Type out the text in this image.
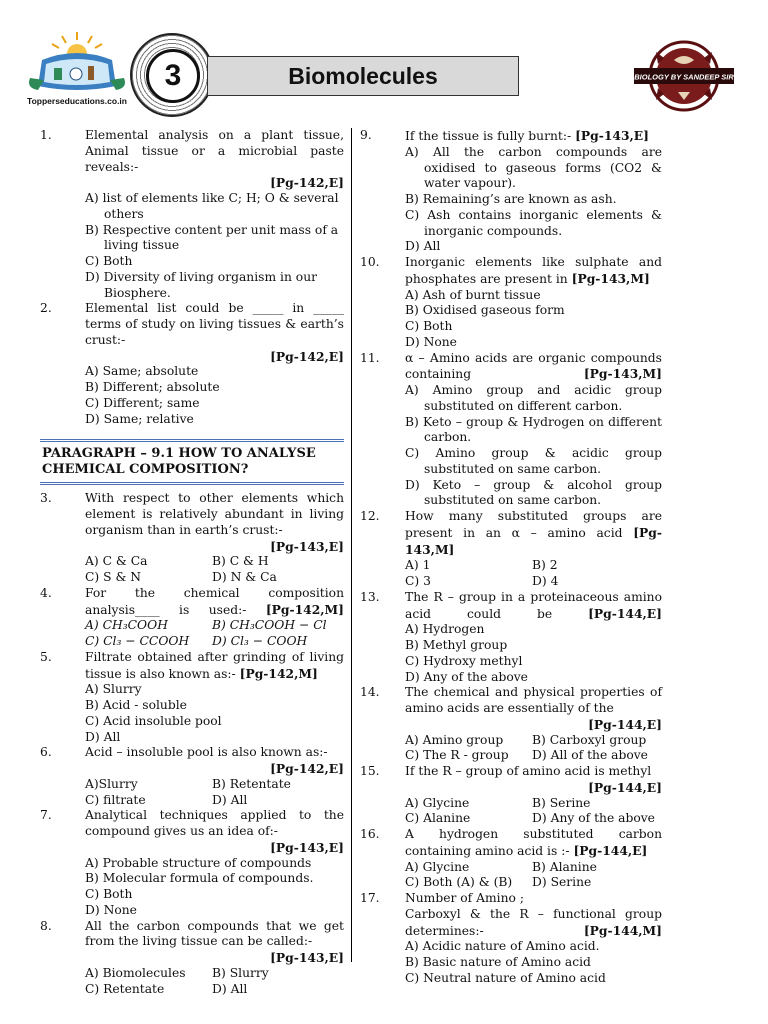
Topperseducations.co.in
3	Biomolecules	BIOLOGY BY SANDEEP SIR
1.	Elemental analysis on a plant tissue, Animal tissue or a microbial paste reveals:-
[Pg-142,E]
A) list of elements like C; H; O & several others
B) Respective content per unit mass of a living tissue
C) Both
D) Diversity of living organism in our Biosphere.
2.	Elemental list could be _____ in _____ terms of study on living tissues & earth’s crust:-
[Pg-142,E]
A) Same; absolute
B) Different; absolute
C) Different; same
D) Same; relative
PARAGRAPH – 9.1 HOW TO ANALYSE CHEMICAL COMPOSITION?
3.	With respect to other elements which element is relatively abundant in living organism than in earth’s crust:-
[Pg-143,E]
A) C & Ca	B) C & H
C) S & N	D) N & Ca
4.	For the chemical composition analysis____ is used:- [Pg-142,M]
A) CH₃COOH	B) CH₃COOH − Cl
C) Cl₃ − CCOOH	D) Cl₃ − COOH
5.	Filtrate obtained after grinding of living tissue is also known as:- [Pg-142,M]
A) Slurry
B) Acid - soluble
C) Acid insoluble pool
D) All
6.	Acid – insoluble pool is also known as:-
[Pg-142,E]
A)Slurry	B) Retentate
C) filtrate	D) All
7.	Analytical techniques applied to the compound gives us an idea of:-
[Pg-143,E]
A) Probable structure of compounds
B) Molecular formula of compounds.
C) Both
D) None
8.	All the carbon compounds that we get from the living tissue can be called:-
[Pg-143,E]
A) Biomolecules	B) Slurry
C) Retentate	D) All
9.	If the tissue is fully burnt:- [Pg-143,E]
A) All the carbon compounds are oxidised to gaseous forms (CO2 & water vapour).
B) Remaining’s are known as ash.
C) Ash contains inorganic elements & inorganic compounds.
D) All
10. Inorganic elements like sulphate and phosphates are present in [Pg-143,M]
A) Ash of burnt tissue
B) Oxidised gaseous form
C) Both
D) None
11. α – Amino acids are organic compounds containing	[Pg-143,M]
A) Amino group and acidic group substituted on different carbon.
B) Keto – group & Hydrogen on different carbon.
C) Amino group & acidic group substituted on same carbon.
D) Keto – group & alcohol group substituted on same carbon.
12. How many substituted groups are present in an α – amino acid [Pg-143,M]
A) 1	B) 2
C) 3	D) 4
13. The R – group in a proteinaceous amino acid could be	[Pg-144,E]
A) Hydrogen
B) Methyl group
C) Hydroxy methyl
D) Any of the above
14. The chemical and physical properties of amino acids are essentially of the
[Pg-144,E]
A) Amino group	B) Carboxyl group
C) The R - group	D) All of the above
15. If the R – group of amino acid is methyl
[Pg-144,E]
A) Glycine	B) Serine
C) Alanine	D) Any of the above
16. A hydrogen substituted carbon containing amino acid is :- [Pg-144,E]
A) Glycine	B) Alanine
C) Both (A) & (B)	D) Serine
17. Number of Amino ;
Carboxyl & the R – functional group determines:-	[Pg-144,M]
A) Acidic nature of Amino acid.
B) Basic nature of Amino acid
C) Neutral nature of Amino acid
